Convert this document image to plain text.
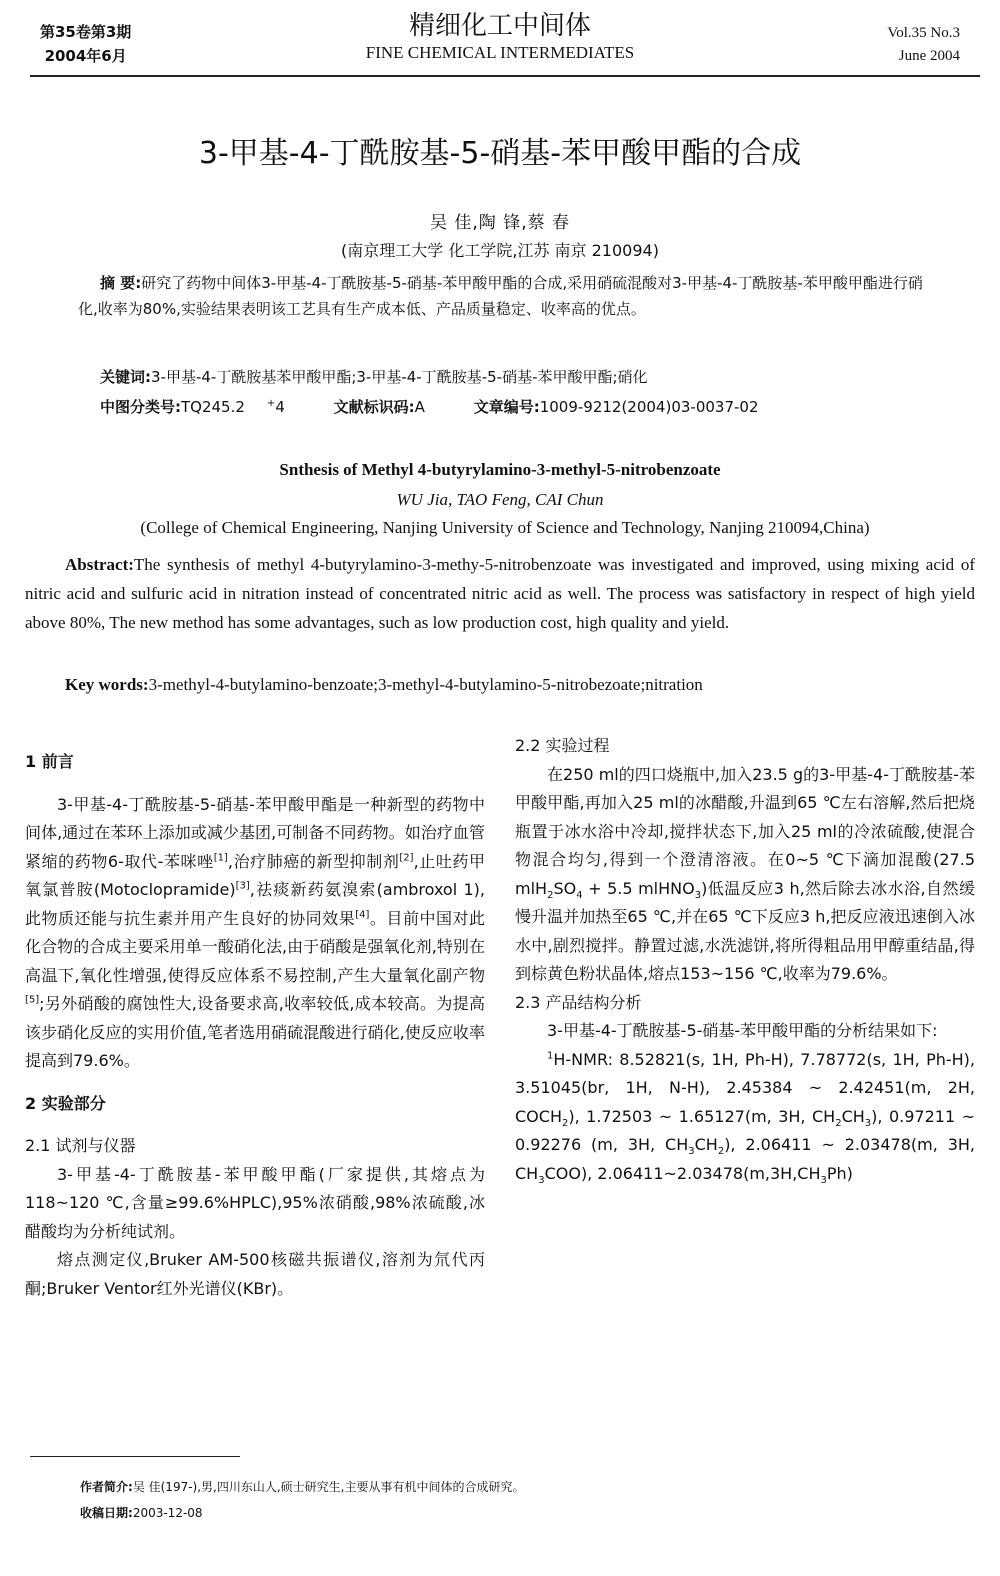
第35卷第3期
2004年6月
精细化工中间体
FINE CHEMICAL INTERMEDIATES
Vol.35 No.3
June 2004
3-甲基-4-丁酰胺基-5-硝基-苯甲酸甲酯的合成
吴 佳,陶 锋,蔡 春
(南京理工大学 化工学院,江苏 南京 210094)
摘 要:研究了药物中间体3-甲基-4-丁酰胺基-5-硝基-苯甲酸甲酯的合成,采用硝硫混酸对3-甲基-4-丁酰胺基-苯甲酸甲酯进行硝化,收率为80%,实验结果表明该工艺具有生产成本低、产品质量稳定、收率高的优点。
关键词:3-甲基-4-丁酰胺基苯甲酸甲酯;3-甲基-4-丁酰胺基-5-硝基-苯甲酸甲酯;硝化
中图分类号:TQ245.2 +4	文献标识码:A	文章编号:1009-9212(2004)03-0037-02
Snthesis of Methyl 4-butyrylamino-3-methyl-5-nitrobenzoate
WU Jia, TAO Feng, CAI Chun
(College of Chemical Engineering, Nanjing University of Science and Technology, Nanjing 210094,China)
Abstract:The synthesis of methyl 4-butyrylamino-3-methy-5-nitrobenzoate was investigated and improved, using mixing acid of nitric acid and sulfuric acid in nitration instead of concentrated nitric acid as well. The process was satisfactory in respect of high yield above 80%, The new method has some advantages, such as low production cost, high quality and yield.
Key words:3-methyl-4-butylamino-benzoate;3-methyl-4-butylamino-5-nitrobezoate;nitration

1 前言

3-甲基-4-丁酰胺基-5-硝基-苯甲酸甲酯是一种新型的药物中间体,通过在苯环上添加或减少基团,可制备不同药物。如治疗血管紧缩的药物6-取代-苯咪唑[1],治疗肺癌的新型抑制剂[2],止吐药甲氧氯普胺(Motoclopramide)[3],祛痰新药氨溴索(ambroxol 1),此物质还能与抗生素并用产生良好的协同效果[4]。目前中国对此化合物的合成主要采用单一酸硝化法,由于硝酸是强氧化剂,特别在高温下,氧化性增强,使得反应体系不易控制,产生大量氧化副产物[5];另外硝酸的腐蚀性大,设备要求高,收率较低,成本较高。为提高该步硝化反应的实用价值,笔者选用硝硫混酸进行硝化,使反应收率提高到79.6%。

2 实验部分

2.1 试剂与仪器

3-甲基-4-丁酰胺基-苯甲酸甲酯(厂家提供,其熔点为118~120 ℃,含量≥99.6%HPLC),95%浓硝酸,98%浓硫酸,冰醋酸均为分析纯试剂。

熔点测定仪,Bruker AM-500核磁共振谱仪,溶剂为氘代丙酮;Bruker Ventor红外光谱仪(KBr)。

2.2 实验过程

在250 ml的四口烧瓶中,加入23.5 g的3-甲基-4-丁酰胺基-苯甲酸甲酯,再加入25 ml的冰醋酸,升温到65 ℃左右溶解,然后把烧瓶置于冰水浴中冷却,搅拌状态下,加入25 ml的冷浓硫酸,使混合物混合均匀,得到一个澄清溶液。在0~5 ℃下滴加混酸(27.5 $mlH_2SO_4 + 5.5$ mlHNO$_3$)低温反应3 h,然后除去冰水浴,自然缓慢升温并加热至65 ℃,并在65 ℃下反应3 h,把反应液迅速倒入冰水中,剧烈搅拌。静置过滤,水洗滤饼,将所得粗品用甲醇重结晶,得到棕黄色粉状晶体,熔点153~156 ℃,收率为79.6%。

2.3 产品结构分析

3-甲基-4-丁酰胺基-5-硝基-苯甲酸甲酯的分析结果如下:

$^1$H-NMR: 8.52821(s, 1H, Ph-H), 7.78772(s, 1H, Ph-H), 3.51045(br, 1H, N-H), 2.45384 ~ 2.42451(m, 2H, $COCH_2$), 1.72503 ~ 1.65127(m, 3H, $CH_2CH_3$), 0.97211 ~ 0.92276 (m, 3H, $CH_3CH_2$), 2.06411 ~ 2.03478(m, 3H, $CH_3COO$), $2.06411\sim 2.03478(m,3H,CH_3Ph)$

作者简介:吴 佳(197-),男,四川东山人,硕士研究生,主要从事有机中间体的合成研究。
收稿日期:2003-12-08
